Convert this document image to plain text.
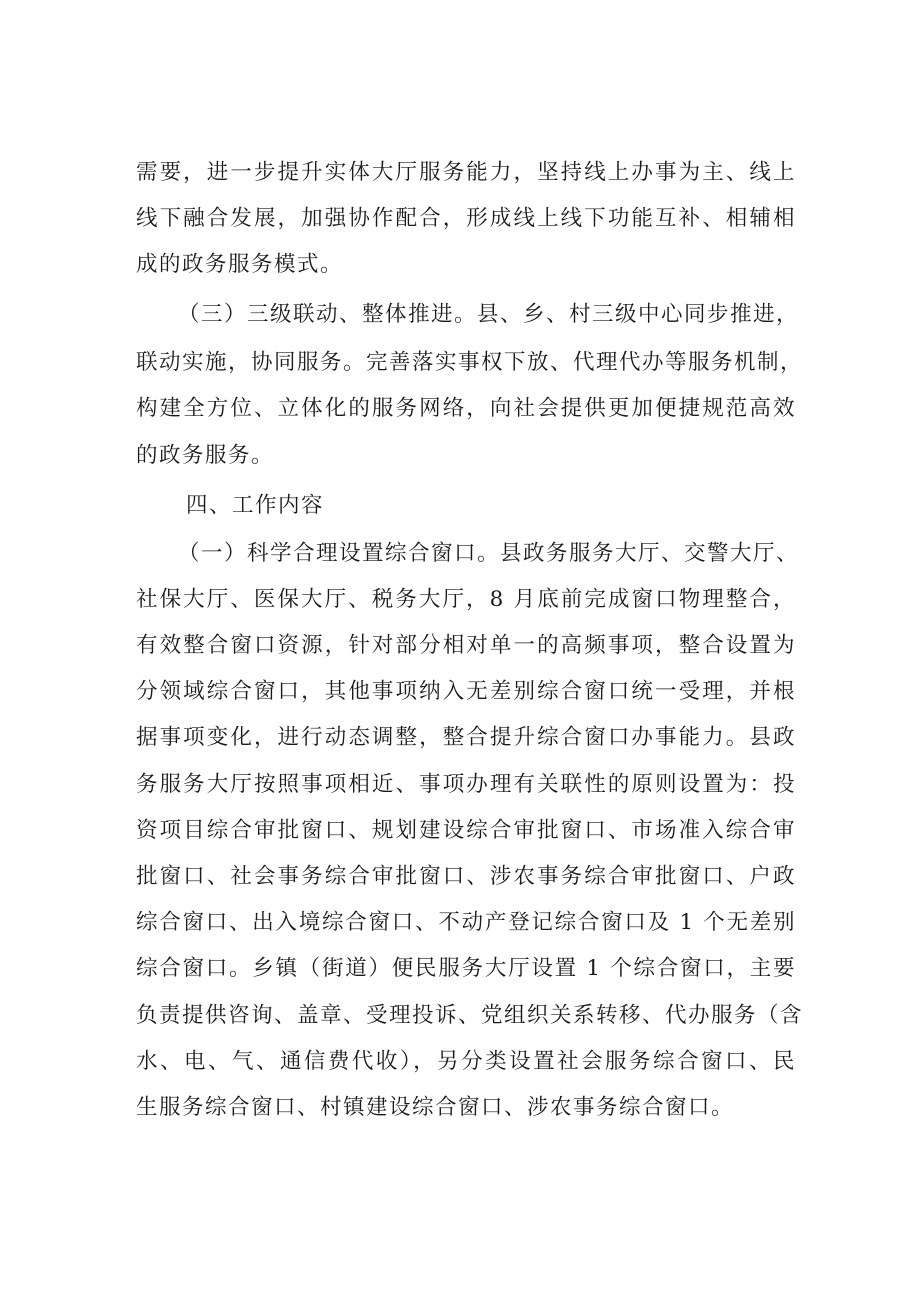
需要，进一步提升实体大厅服务能力，坚持线上办事为主、线上
线下融合发展，加强协作配合，形成线上线下功能互补、相辅相
成的政务服务模式。
（三）三级联动、整体推进。县、乡、村三级中心同步推进，
联动实施，协同服务。完善落实事权下放、代理代办等服务机制，
构建全方位、立体化的服务网络，向社会提供更加便捷规范高效
的政务服务。
四、工作内容
（一）科学合理设置综合窗口。县政务服务大厅、交警大厅、
社保大厅、医保大厅、税务大厅，8 月底前完成窗口物理整合，
有效整合窗口资源，针对部分相对单一的高频事项，整合设置为
分领域综合窗口，其他事项纳入无差别综合窗口统一受理，并根
据事项变化，进行动态调整，整合提升综合窗口办事能力。县政
务服务大厅按照事项相近、事项办理有关联性的原则设置为：投
资项目综合审批窗口、规划建设综合审批窗口、市场准入综合审
批窗口、社会事务综合审批窗口、涉农事务综合审批窗口、户政
综合窗口、出入境综合窗口、不动产登记综合窗口及 1 个无差别
综合窗口。乡镇（街道）便民服务大厅设置 1 个综合窗口，主要
负责提供咨询、盖章、受理投诉、党组织关系转移、代办服务（含
水、电、气、通信费代收），另分类设置社会服务综合窗口、民
生服务综合窗口、村镇建设综合窗口、涉农事务综合窗口。
